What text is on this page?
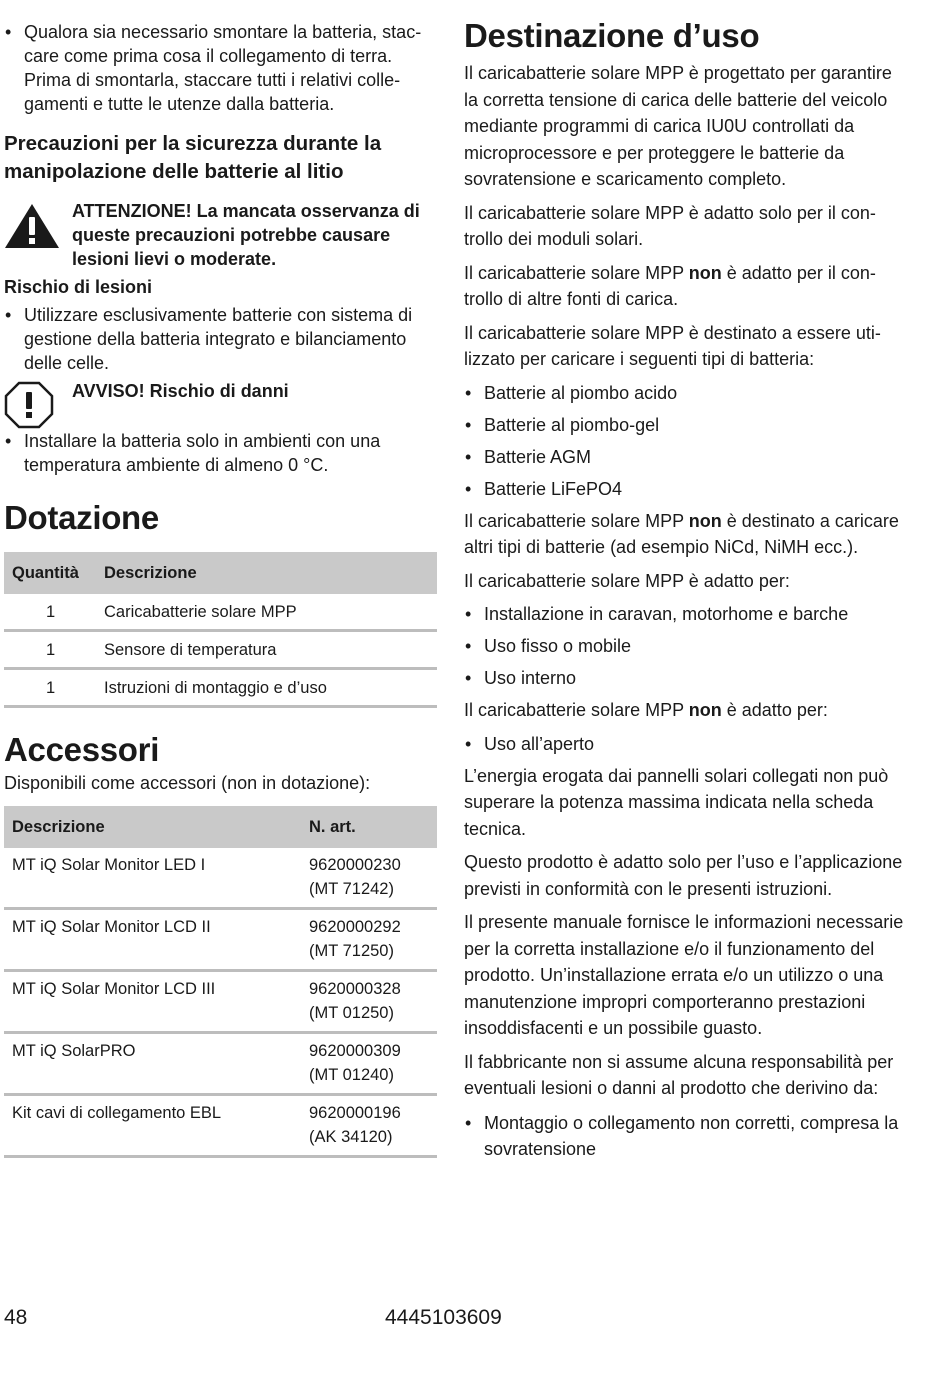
• Qualora sia necessario smontare la batteria, staccare come prima cosa il collegamento di terra. Prima di smontarla, staccare tutti i relativi collegamenti e tutte le utenze dalla batteria.
Precauzioni per la sicurezza durante la manipolazione delle batterie al litio
ATTENZIONE! La mancata osservanza di queste precauzioni potrebbe causare lesioni lievi o moderate.
Rischio di lesioni
• Utilizzare esclusivamente batterie con sistema di gestione della batteria integrato e bilanciamento delle celle.
AVVISO! Rischio di danni
• Installare la batteria solo in ambienti con una temperatura ambiente di almeno 0 °C.
Dotazione
Quantità	Descrizione
1	Caricabatterie solare MPP
1	Sensore di temperatura
1	Istruzioni di montaggio e d’uso
Accessori

Disponibili come accessori (non in dotazione):

Descrizione	N. art.
MT iQ Solar Monitor LED I	9620000230
(MT 71242)
MT iQ Solar Monitor LCD II	9620000292
(MT 71250)
MT iQ Solar Monitor LCD III	9620000328
(MT 01250)
MT iQ SolarPRO	9620000309
(MT 01240)
Kit cavi di collegamento EBL	9620000196
(AK 34120)
Destinazione d’uso

Il caricabatterie solare MPP è progettato per garantire la corretta tensione di carica delle batterie del veicolo mediante programmi di carica IU0U controllati da microprocessore e per proteggere le batterie da sovratensione e scaricamento completo.

Il caricabatterie solare MPP è adatto solo per il controllo dei moduli solari.

Il caricabatterie solare MPP non è adatto per il controllo di altre fonti di carica.

Il caricabatterie solare MPP è destinato a essere utilizzato per caricare i seguenti tipi di batteria:

• Batterie al piombo acido
• Batterie al piombo-gel
• Batterie AGM
• Batterie LiFePO4

Il caricabatterie solare MPP non è destinato a caricare altri tipi di batterie (ad esempio NiCd, NiMH ecc.).

Il caricabatterie solare MPP è adatto per:

• Installazione in caravan, motorhome e barche
• Uso fisso o mobile
• Uso interno

Il caricabatterie solare MPP non è adatto per:

• Uso all’aperto

L’energia erogata dai pannelli solari collegati non può superare la potenza massima indicata nella scheda tecnica.

Questo prodotto è adatto solo per l’uso e l’applicazione previsti in conformità con le presenti istruzioni.

Il presente manuale fornisce le informazioni necessarie per la corretta installazione e/o il funzionamento del prodotto. Un’installazione errata e/o un utilizzo o una manutenzione impropri comporteranno prestazioni insoddisfacenti e un possibile guasto.

Il fabbricante non si assume alcuna responsabilità per eventuali lesioni o danni al prodotto che derivino da:

• Montaggio o collegamento non corretti, compresa la sovratensione
48	4445103609
